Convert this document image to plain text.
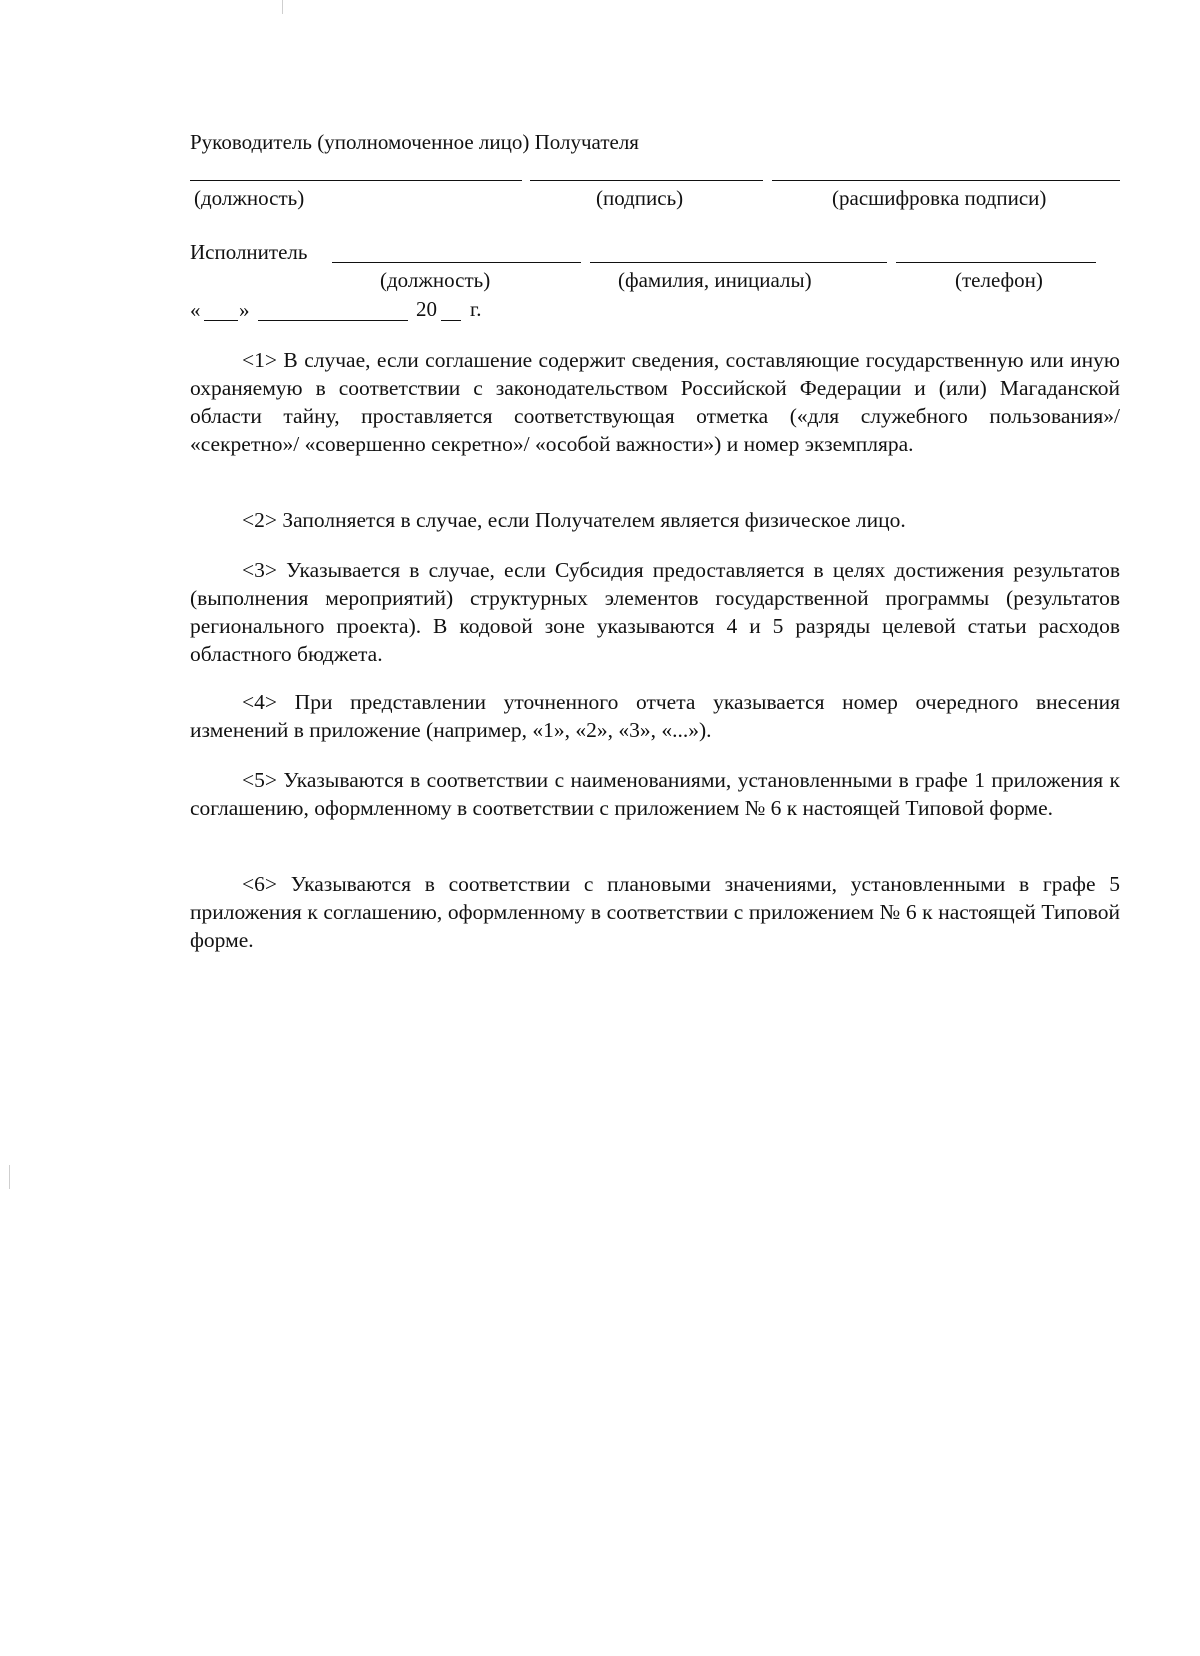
Руководитель (уполномоченное лицо) Получателя
(должность)	(подпись)	(расшифровка подписи)
Исполнитель
(должность)	(фамилия, инициалы)	(телефон)
« »	20 г.

<1> В случае, если соглашение содержит сведения, составляющие государственную или иную охраняемую в соответствии с законодательством Российской Федерации и (или) Магаданской области тайну, проставляется соответствующая отметка («для служебного пользования»/ «секретно»/ «совершенно секретно»/ «особой важности») и номер экземпляра.

<2> Заполняется в случае, если Получателем является физическое лицо.

<3> Указывается в случае, если Субсидия предоставляется в целях достижения результатов (выполнения мероприятий) структурных элементов государственной программы (результатов регионального проекта). В кодовой зоне указываются 4 и 5 разряды целевой статьи расходов областного бюджета.

<4> При представлении уточненного отчета указывается номер очередного внесения изменений в приложение (например, «1», «2», «3», «...»).

<5> Указываются в соответствии с наименованиями, установленными в графе 1 приложения к соглашению, оформленному в соответствии с приложением № 6 к настоящей Типовой форме.

<6> Указываются в соответствии с плановыми значениями, установленными в графе 5 приложения к соглашению, оформленному в соответствии с приложением № 6 к настоящей Типовой форме.
